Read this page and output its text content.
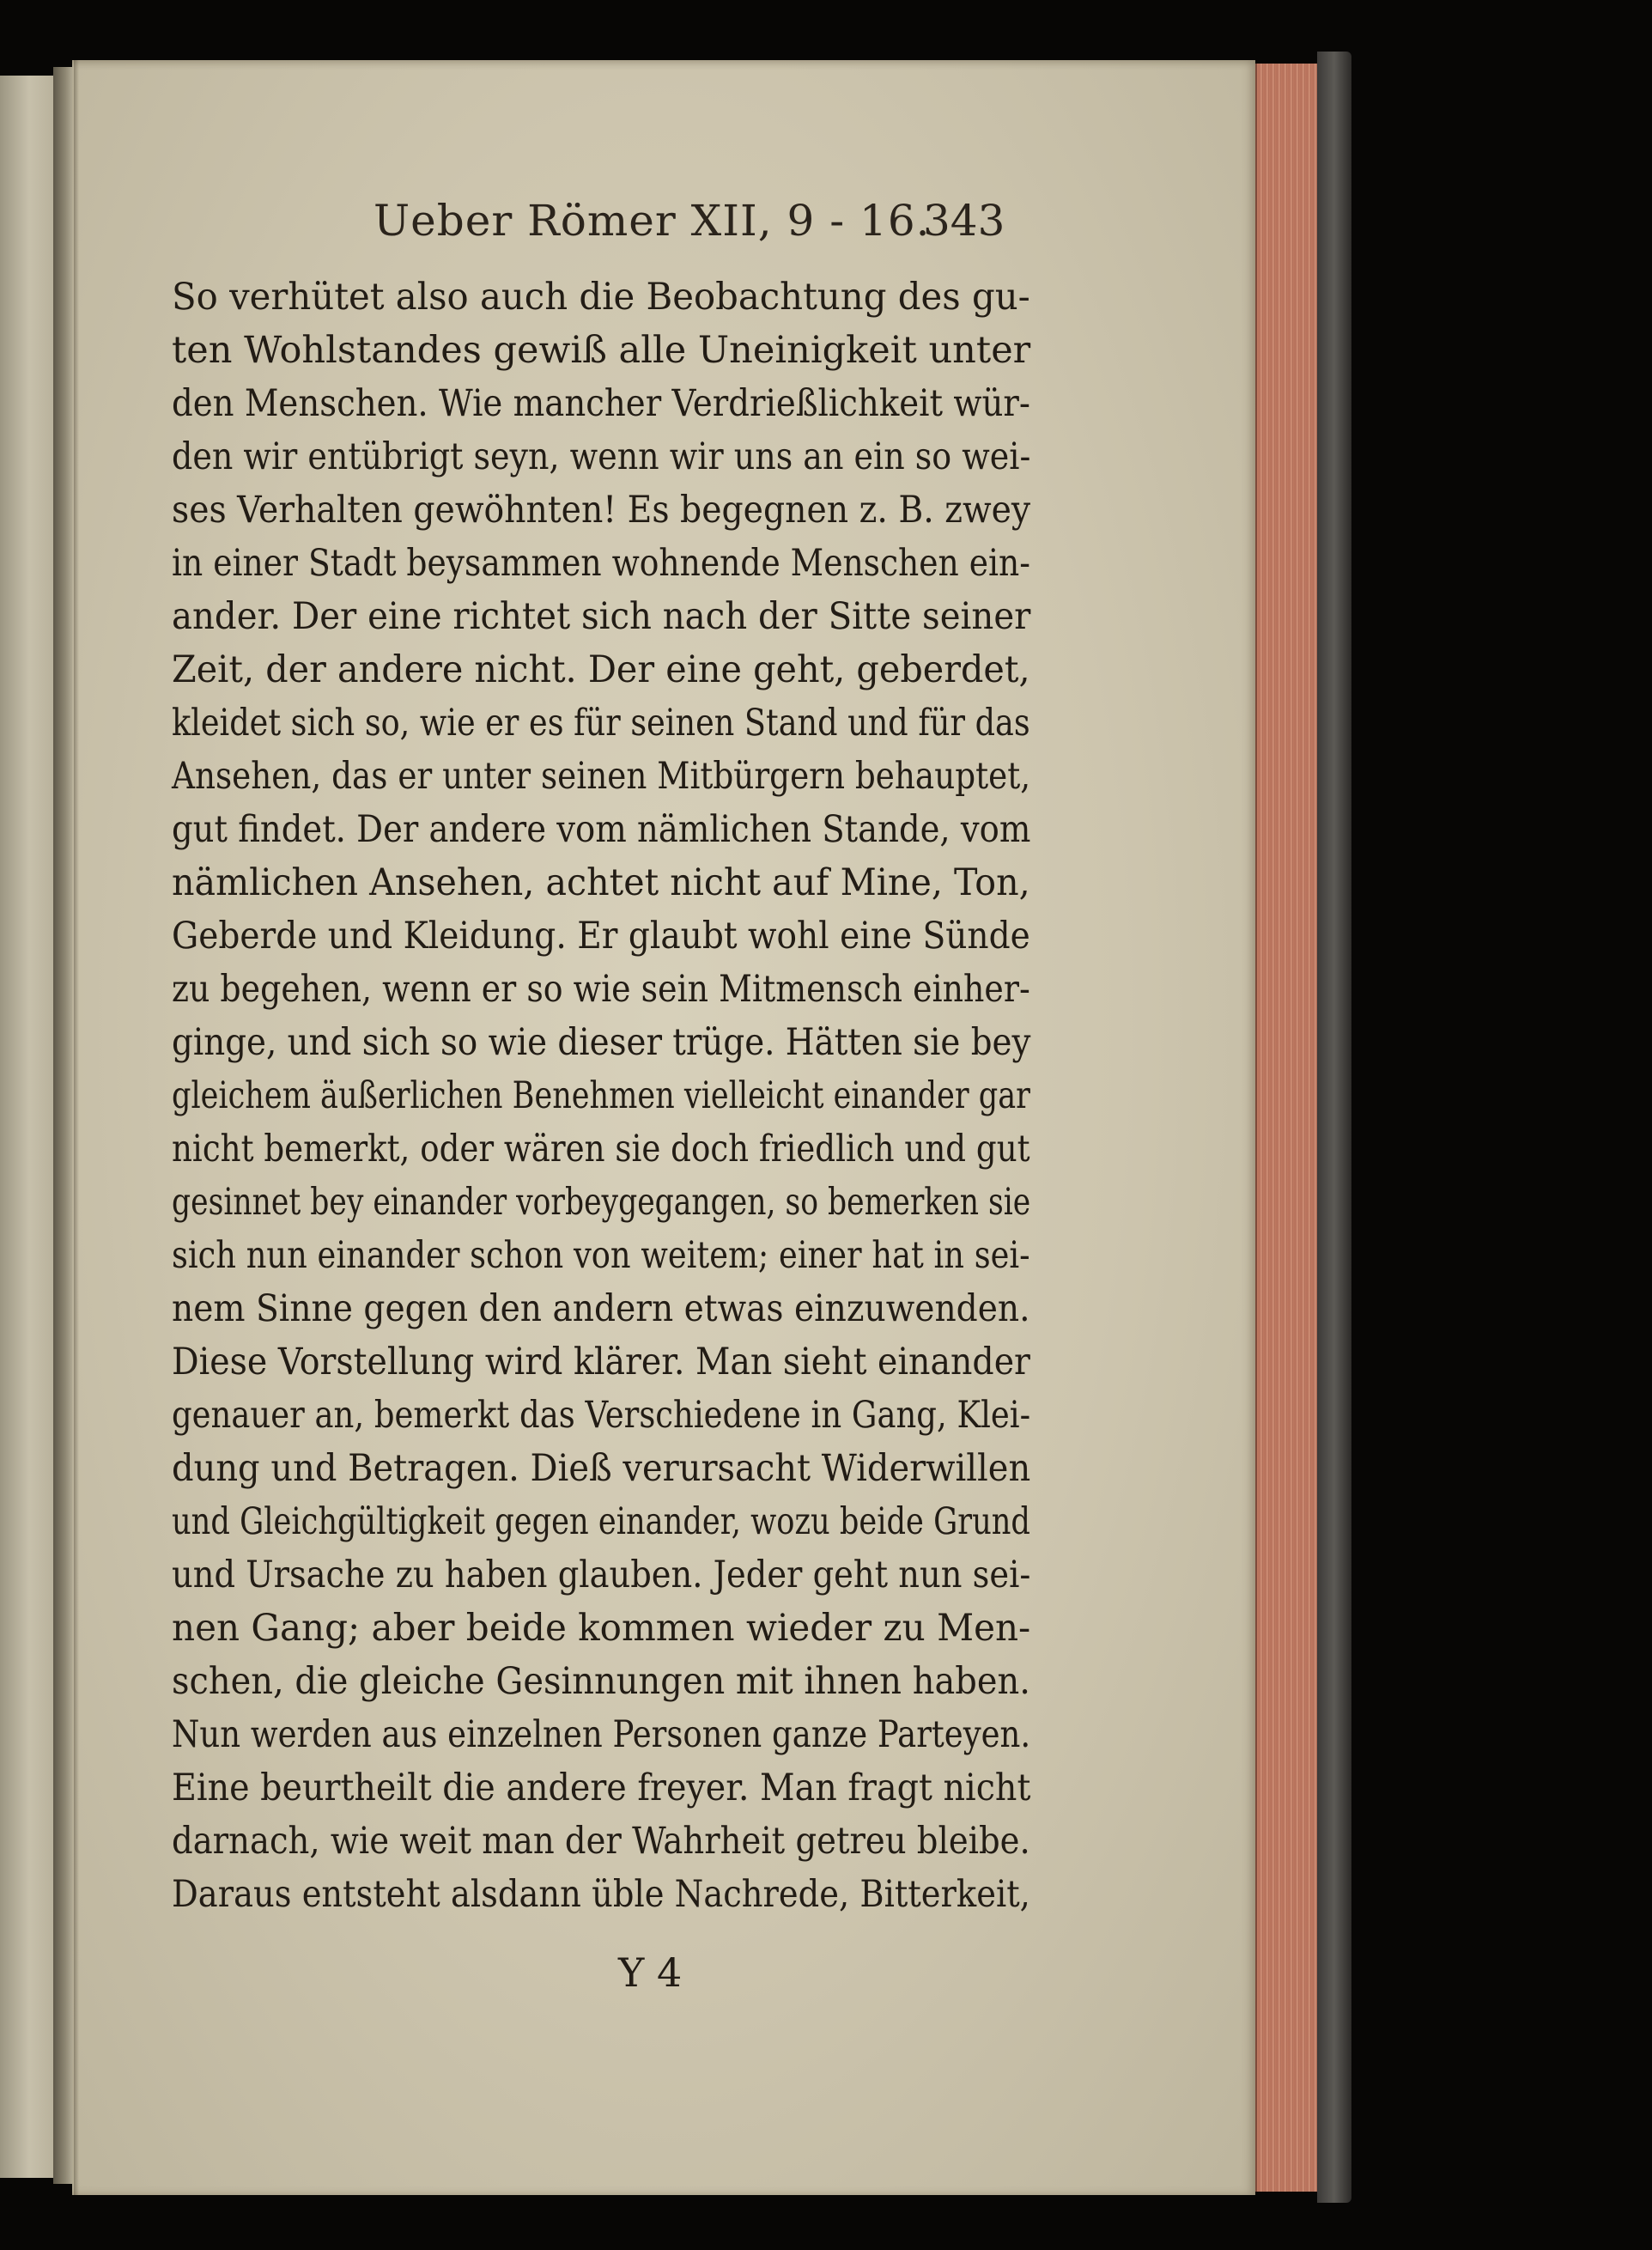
Ueber Römer XII, 9 - 16.
343
So verhütet also auch die Beobachtung des gu-
ten Wohlstandes gewiß alle Uneinigkeit unter
den Menschen. Wie mancher Verdrießlichkeit wür-
den wir entübrigt seyn, wenn wir uns an ein so wei-
ses Verhalten gewöhnten! Es begegnen z. B. zwey
in einer Stadt beysammen wohnende Menschen ein-
ander. Der eine richtet sich nach der Sitte seiner
Zeit, der andere nicht. Der eine geht, geberdet,
kleidet sich so, wie er es für seinen Stand und für das
Ansehen, das er unter seinen Mitbürgern behauptet,
gut findet. Der andere vom nämlichen Stande, vom
nämlichen Ansehen, achtet nicht auf Mine, Ton,
Geberde und Kleidung. Er glaubt wohl eine Sünde
zu begehen, wenn er so wie sein Mitmensch einher-
ginge, und sich so wie dieser trüge. Hätten sie bey
gleichem äußerlichen Benehmen vielleicht einander gar
nicht bemerkt, oder wären sie doch friedlich und gut
gesinnet bey einander vorbeygegangen, so bemerken sie
sich nun einander schon von weitem; einer hat in sei-
nem Sinne gegen den andern etwas einzuwenden.
Diese Vorstellung wird klärer. Man sieht einander
genauer an, bemerkt das Verschiedene in Gang, Klei-
dung und Betragen. Dieß verursacht Widerwillen
und Gleichgültigkeit gegen einander, wozu beide Grund
und Ursache zu haben glauben. Jeder geht nun sei-
nen Gang; aber beide kommen wieder zu Men-
schen, die gleiche Gesinnungen mit ihnen haben.
Nun werden aus einzelnen Personen ganze Parteyen.
Eine beurtheilt die andere freyer. Man fragt nicht
darnach, wie weit man der Wahrheit getreu bleibe.
Daraus entsteht alsdann üble Nachrede, Bitterkeit,
Y 4
